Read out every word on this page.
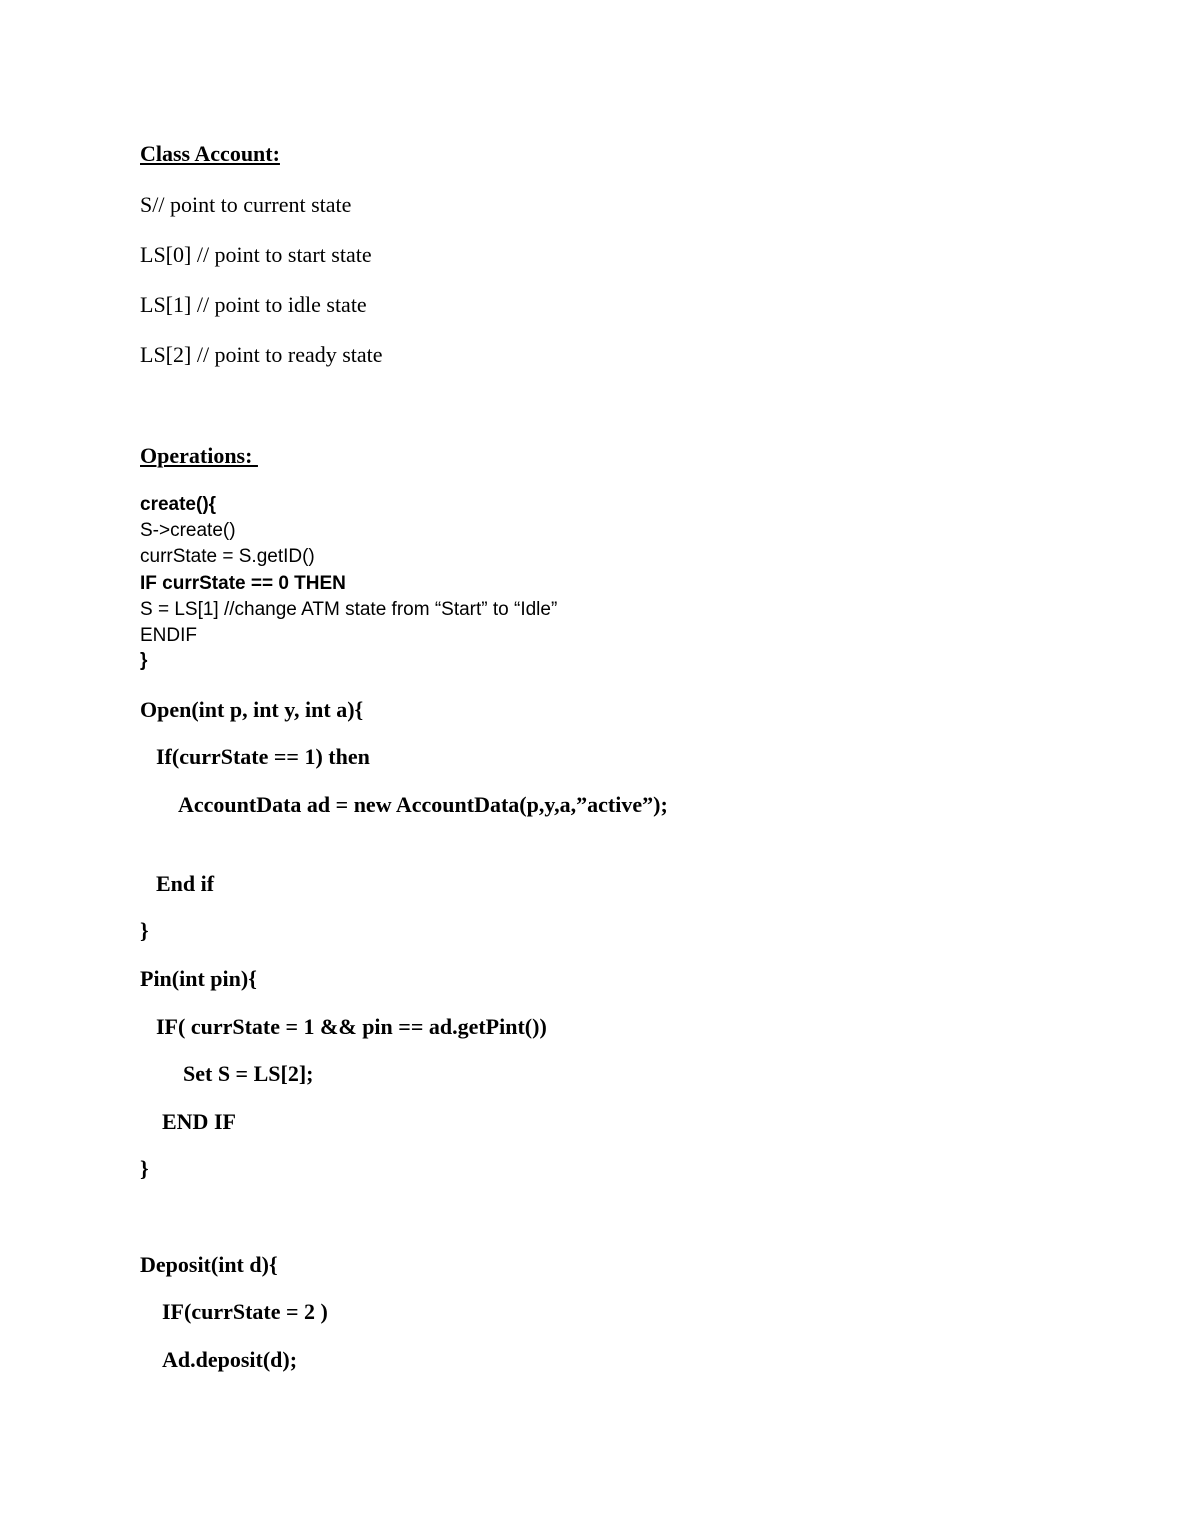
Class Account:
S// point to current state
LS[0] // point to start state
LS[1] // point to idle state
LS[2] // point to ready state
Operations:
create(){
S->create()
currState = S.getID()
IF currState == 0 THEN
S = LS[1] //change ATM state from “Start” to “Idle”
ENDIF
}
Open(int p, int y, int a){
If(currState == 1) then
AccountData ad = new AccountData(p,y,a,”active”);
End if
}
Pin(int pin){
IF( currState = 1 && pin == ad.getPint())
Set S = LS[2];
END IF
}
Deposit(int d){
IF(currState = 2 )
Ad.deposit(d);
